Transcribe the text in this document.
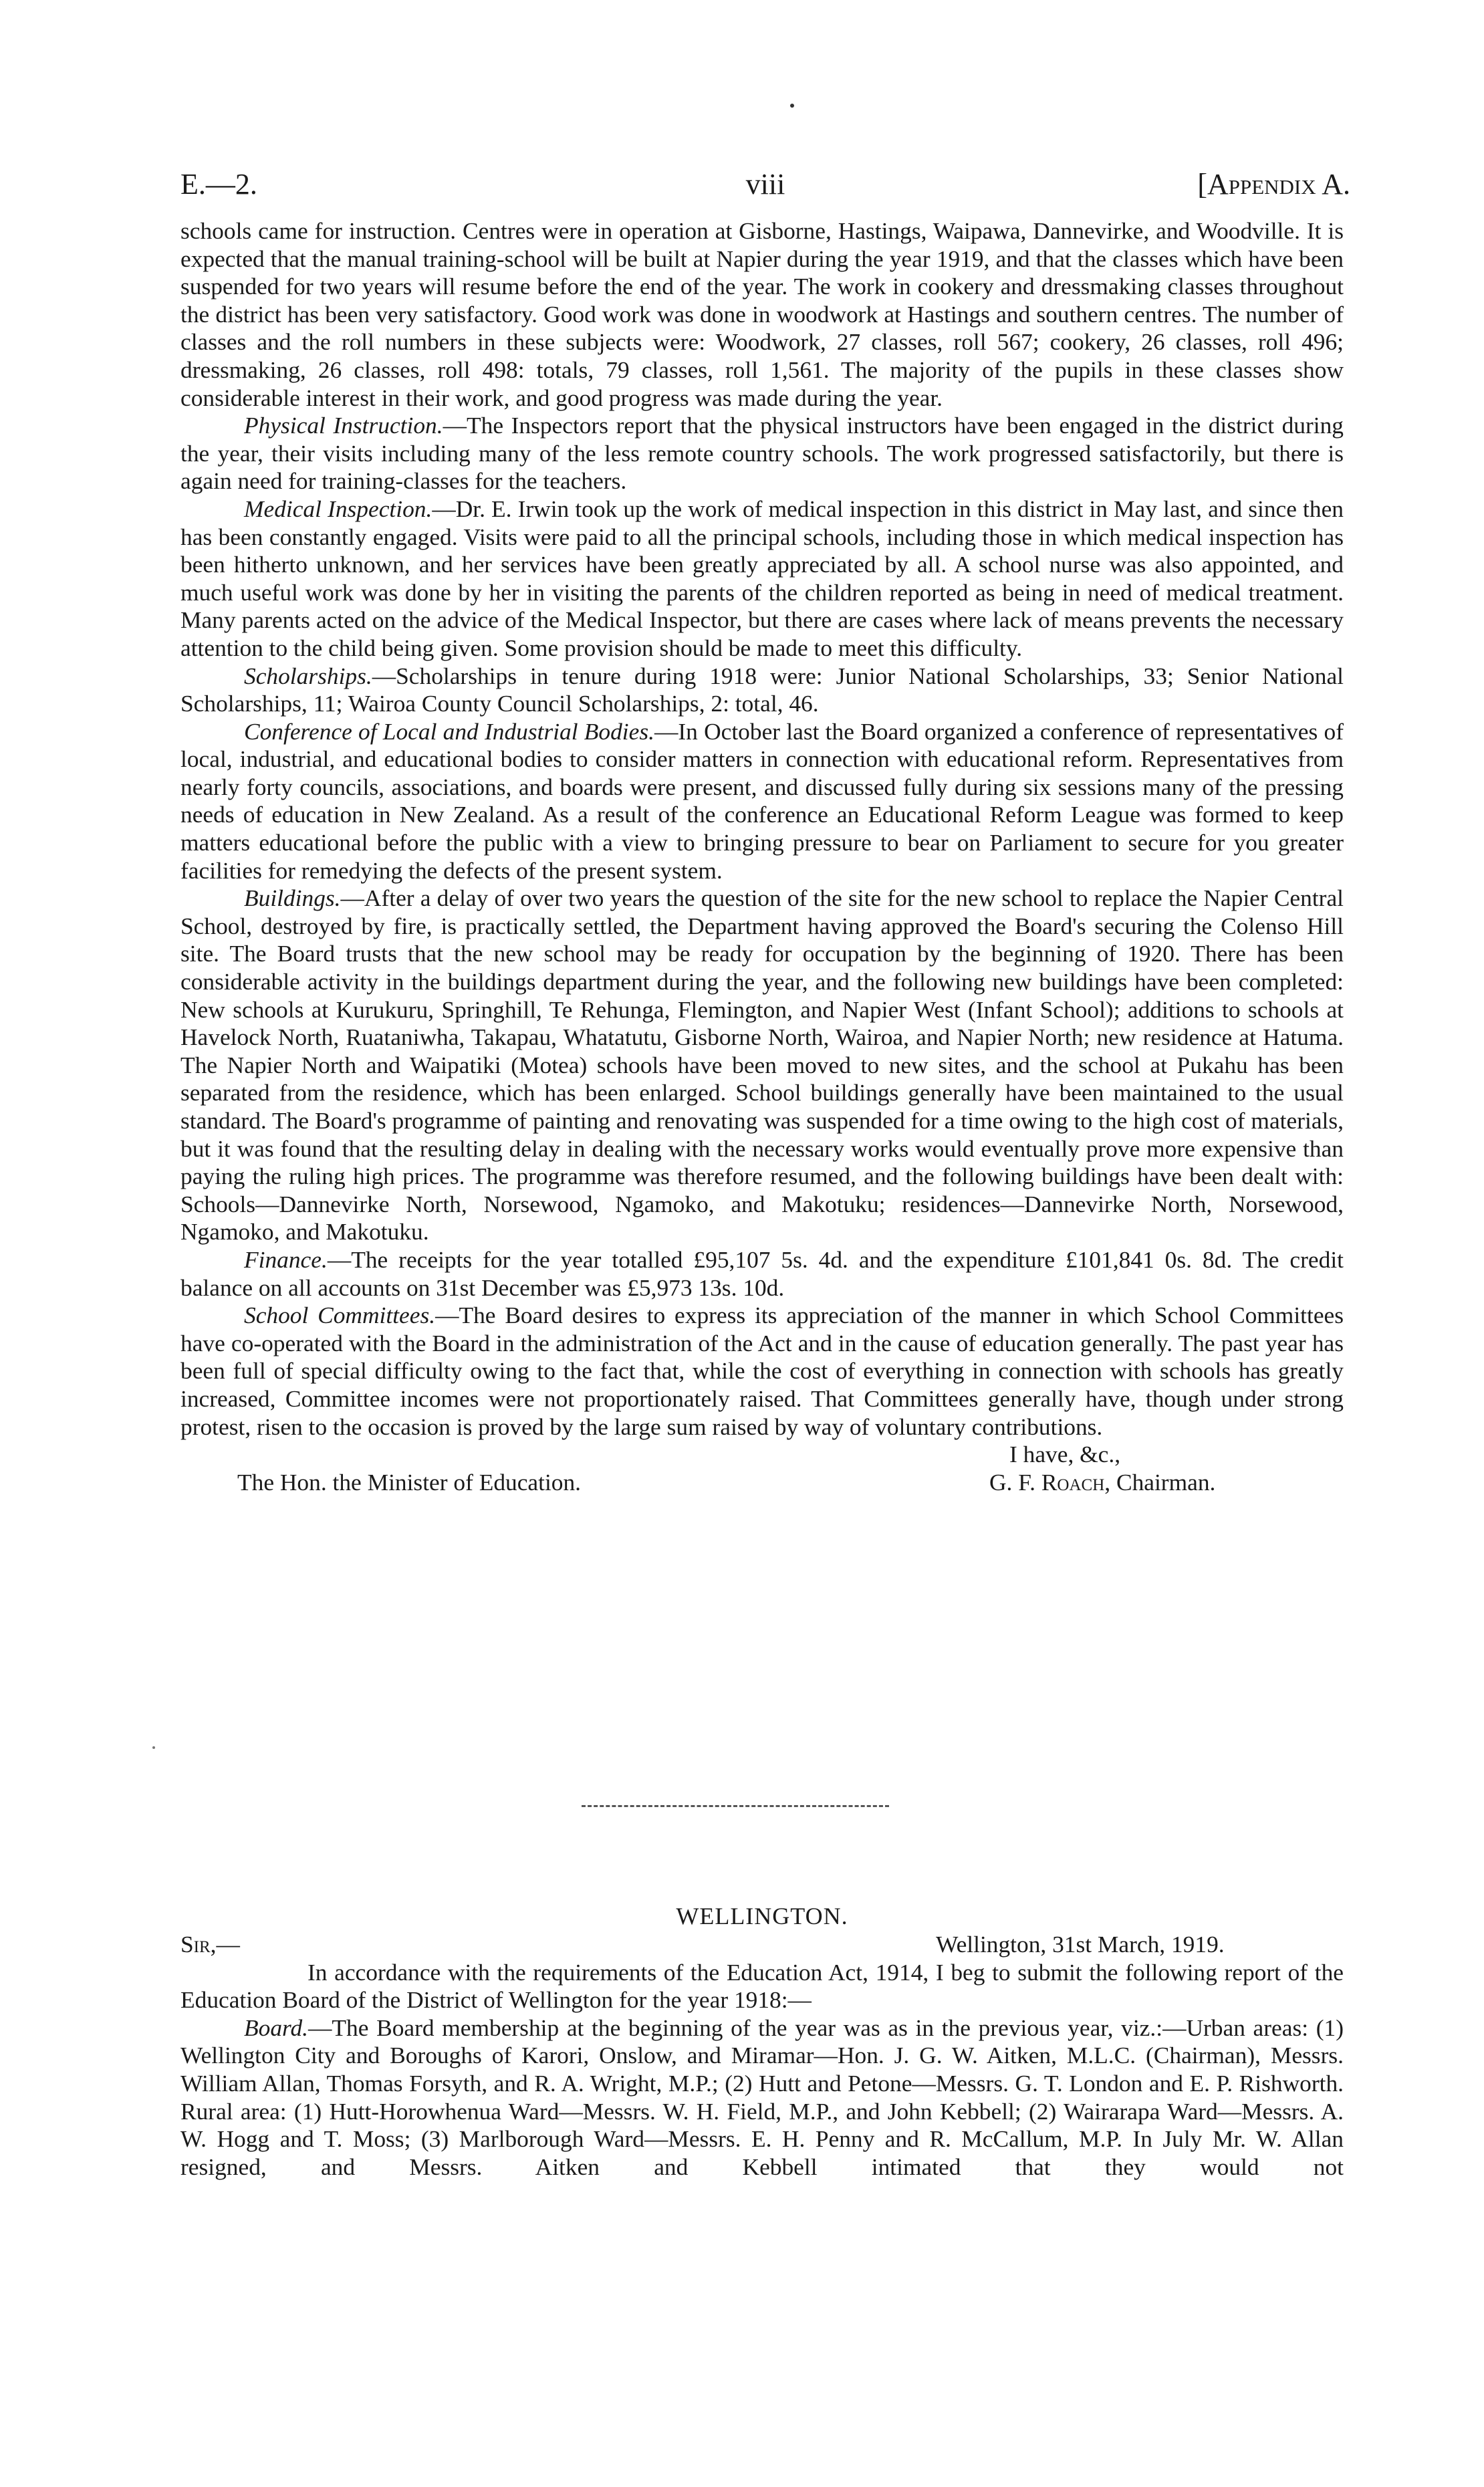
viii
E.—2.	[Appendix A.

schools came for instruction. Centres were in operation at Gisborne, Hastings, Waipawa, Dannevirke, and Woodville. It is expected that the manual training-school will be built at Napier during the year 1919, and that the classes which have been suspended for two years will resume before the end of the year. The work in cookery and dressmaking classes throughout the district has been very satisfactory. Good work was done in woodwork at Hastings and southern centres. The number of classes and the roll numbers in these subjects were: Woodwork, 27 classes, roll 567; cookery, 26 classes, roll 496; dressmaking, 26 classes, roll 498: totals, 79 classes, roll 1,561. The majority of the pupils in these classes show considerable interest in their work, and good progress was made during the year.

Physical Instruction.—The Inspectors report that the physical instructors have been engaged in the district during the year, their visits including many of the less remote country schools. The work progressed satisfactorily, but there is again need for training-classes for the teachers.

Medical Inspection.—Dr. E. Irwin took up the work of medical inspection in this district in May last, and since then has been constantly engaged. Visits were paid to all the principal schools, including those in which medical inspection has been hitherto unknown, and her services have been greatly appreciated by all. A school nurse was also appointed, and much useful work was done by her in visiting the parents of the children reported as being in need of medical treatment. Many parents acted on the advice of the Medical Inspector, but there are cases where lack of means prevents the necessary attention to the child being given. Some provision should be made to meet this difficulty.

Scholarships.—Scholarships in tenure during 1918 were: Junior National Scholarships, 33; Senior National Scholarships, 11; Wairoa County Council Scholarships, 2: total, 46.

Conference of Local and Industrial Bodies.—In October last the Board organized a conference of representatives of local, industrial, and educational bodies to consider matters in connection with educational reform. Representatives from nearly forty councils, associations, and boards were present, and discussed fully during six sessions many of the pressing needs of education in New Zealand. As a result of the conference an Educational Reform League was formed to keep matters educational before the public with a view to bringing pressure to bear on Parliament to secure for you greater facilities for remedying the defects of the present system.

Buildings.—After a delay of over two years the question of the site for the new school to replace the Napier Central School, destroyed by fire, is practically settled, the Department having approved the Board's securing the Colenso Hill site. The Board trusts that the new school may be ready for occupation by the beginning of 1920. There has been considerable activity in the buildings department during the year, and the following new buildings have been completed: New schools at Kurukuru, Springhill, Te Rehunga, Flemington, and Napier West (Infant School); additions to schools at Havelock North, Ruataniwha, Takapau, Whatatutu, Gisborne North, Wairoa, and Napier North; new residence at Hatuma. The Napier North and Waipatiki (Motea) schools have been moved to new sites, and the school at Pukahu has been separated from the residence, which has been enlarged. School buildings generally have been maintained to the usual standard. The Board's programme of painting and renovating was suspended for a time owing to the high cost of materials, but it was found that the resulting delay in dealing with the necessary works would eventually prove more expensive than paying the ruling high prices. The programme was therefore resumed, and the following buildings have been dealt with: Schools—Dannevirke North, Norsewood, Ngamoko, and Makotuku; residences—Dannevirke North, Norsewood, Ngamoko, and Makotuku.

Finance.—The receipts for the year totalled £95,107 5s. 4d. and the expenditure £101,841 0s. 8d. The credit balance on all accounts on 31st December was £5,973 13s. 10d.

School Committees.—The Board desires to express its appreciation of the manner in which School Committees have co-operated with the Board in the administration of the Act and in the cause of education generally. The past year has been full of special difficulty owing to the fact that, while the cost of everything in connection with schools has greatly increased, Committee incomes were not proportionately raised. That Committees generally have, though under strong protest, risen to the occasion is proved by the large sum raised by way of voluntary contributions.

I have, &c.,
The Hon. the Minister of Education.	G. F. Roach, Chairman.
WELLINGTON.
Sir,—	Wellington, 31st March, 1919.

In accordance with the requirements of the Education Act, 1914, I beg to submit the following report of the Education Board of the District of Wellington for the year 1918:—

Board.—The Board membership at the beginning of the year was as in the previous year, viz.:—Urban areas: (1) Wellington City and Boroughs of Karori, Onslow, and Miramar—Hon. J. G. W. Aitken, M.L.C. (Chairman), Messrs. William Allan, Thomas Forsyth, and R. A. Wright, M.P.; (2) Hutt and Petone—Messrs. G. T. London and E. P. Rishworth. Rural area: (1) Hutt-Horowhenua Ward—Messrs. W. H. Field, M.P., and John Kebbell; (2) Wairarapa Ward—Messrs. A. W. Hogg and T. Moss; (3) Marlborough Ward—Messrs. E. H. Penny and R. McCallum, M.P. In July Mr. W. Allan resigned, and Messrs. Aitken and Kebbell intimated that they would not
